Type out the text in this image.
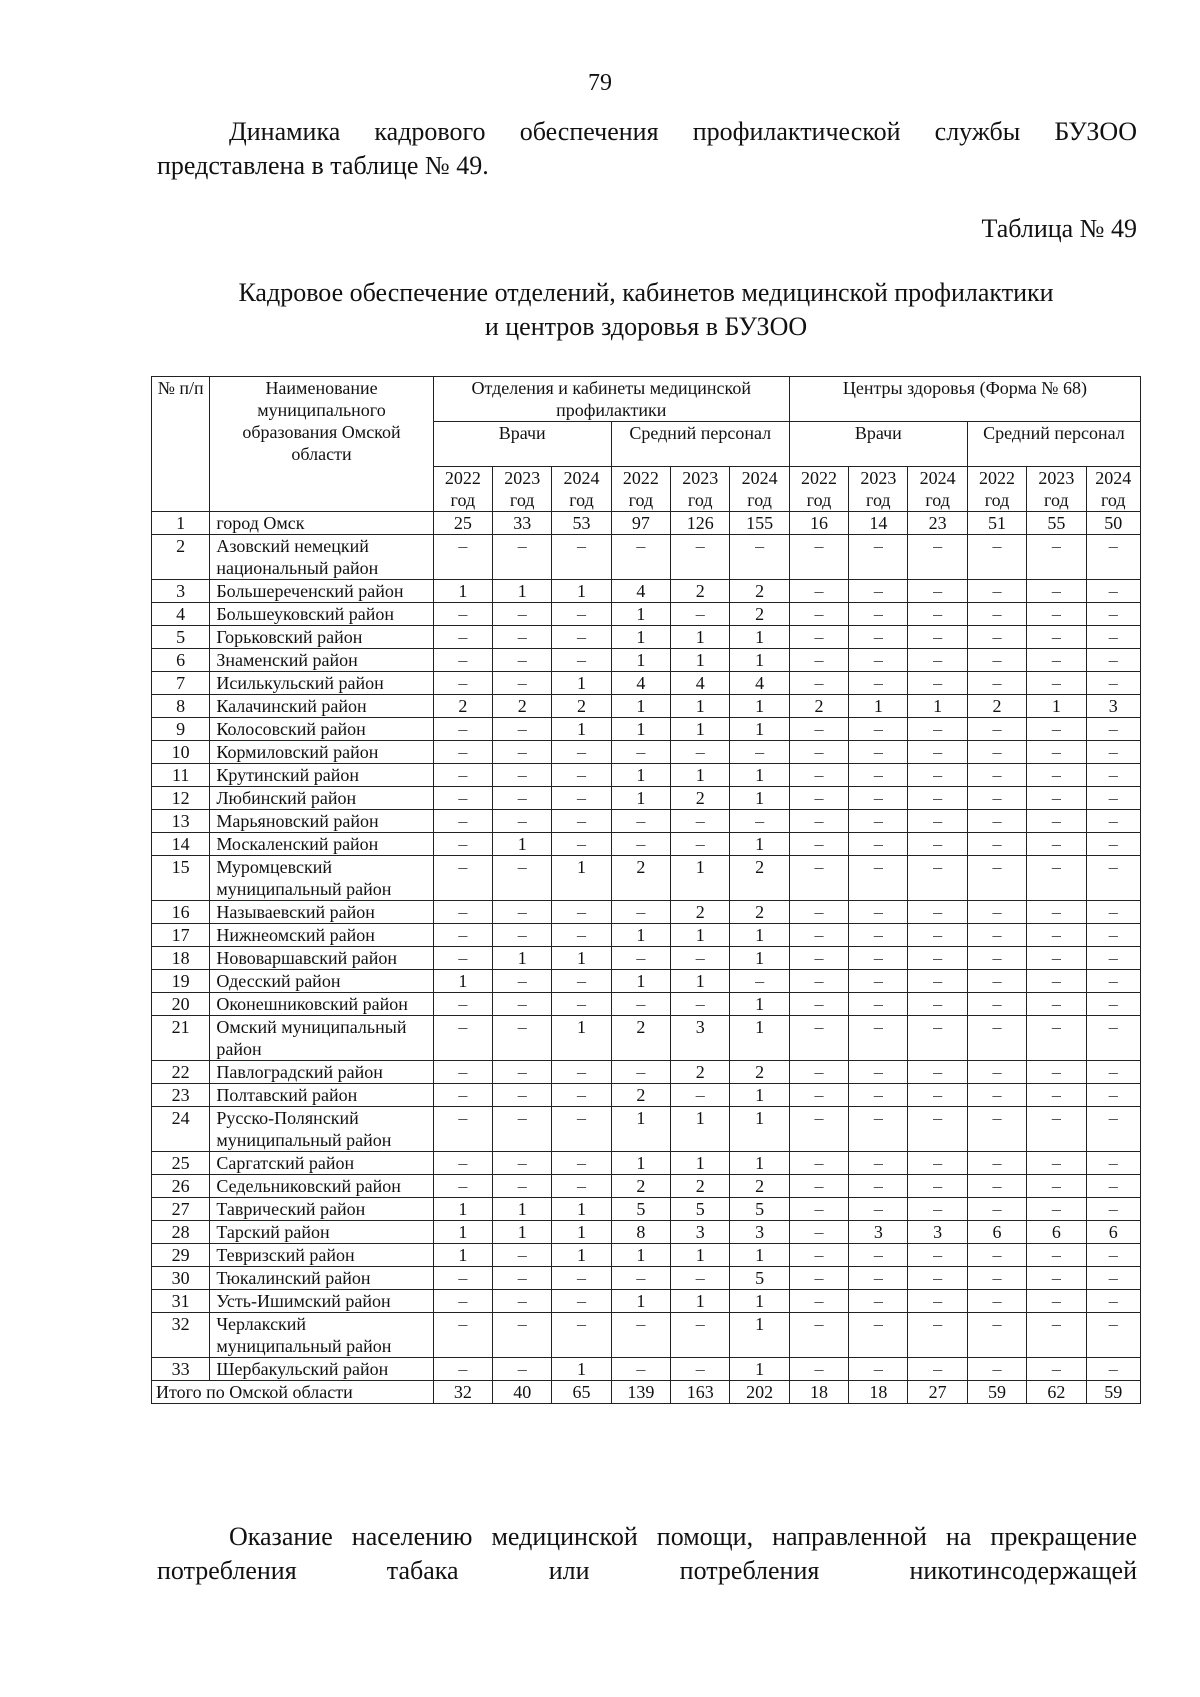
79
Динамика кадрового обеспечения профилактической службы БУЗОО представлена в таблице № 49.
Таблица № 49
Кадровое обеспечение отделений, кабинетов медицинской профилактики
и центров здоровья в БУЗОО
№ п/п	Наименование муниципального образования Омской области	Отделения и кабинеты медицинской профилактики						Центры здоровья (Форма № 68)					
		Врачи			Средний персонал			Врачи			Средний персонал		
		2022 год	2023 год	2024 год	2022 год	2023 год	2024 год	2022 год	2023 год	2024 год	2022 год	2023 год	2024 год
1	город Омск	25	33	53	97	126	155	16	14	23	51	55	50
2	Азовский немецкий национальный район	–	–	–	–	–	–	–	–	–	–	–	–
3	Большереченский район	1	1	1	4	2	2	–	–	–	–	–	–
4	Большеуковский район	–	–	–	1	–	2	–	–	–	–	–	–
5	Горьковский район	–	–	–	1	1	1	–	–	–	–	–	–
6	Знаменский район	–	–	–	1	1	1	–	–	–	–	–	–
7	Исилькульский район	–	–	1	4	4	4	–	–	–	–	–	–
8	Калачинский район	2	2	2	1	1	1	2	1	1	2	1	3
9	Колосовский район	–	–	1	1	1	1	–	–	–	–	–	–
10	Кормиловский район	–	–	–	–	–	–	–	–	–	–	–	–
11	Крутинский район	–	–	–	1	1	1	–	–	–	–	–	–
12	Любинский район	–	–	–	1	2	1	–	–	–	–	–	–
13	Марьяновский район	–	–	–	–	–	–	–	–	–	–	–	–
14	Москаленский район	–	1	–	–	–	1	–	–	–	–	–	–
15	Муромцевский муниципальный район	–	–	1	2	1	2	–	–	–	–	–	–
16	Называевский район	–	–	–	–	2	2	–	–	–	–	–	–
17	Нижнеомский район	–	–	–	1	1	1	–	–	–	–	–	–
18	Нововаршавский район	–	1	1	–	–	1	–	–	–	–	–	–
19	Одесский район	1	–	–	1	1	–	–	–	–	–	–	–
20	Оконешниковский район	–	–	–	–	–	1	–	–	–	–	–	–
21	Омский муниципальный район	–	–	1	2	3	1	–	–	–	–	–	–
22	Павлоградский район	–	–	–	–	2	2	–	–	–	–	–	–
23	Полтавский район	–	–	–	2	–	1	–	–	–	–	–	–
24	Русско-Полянский муниципальный район	–	–	–	1	1	1	–	–	–	–	–	–
25	Саргатский район	–	–	–	1	1	1	–	–	–	–	–	–
26	Седельниковский район	–	–	–	2	2	2	–	–	–	–	–	–
27	Таврический район	1	1	1	5	5	5	–	–	–	–	–	–
28	Тарский район	1	1	1	8	3	3	–	3	3	6	6	6
29	Тевризский район	1	–	1	1	1	1	–	–	–	–	–	–
30	Тюкалинский район	–	–	–	–	–	5	–	–	–	–	–	–
31	Усть-Ишимский район	–	–	–	1	1	1	–	–	–	–	–	–
32	Черлакский муниципальный район	–	–	–	–	–	1	–	–	–	–	–	–
33	Шербакульский район	–	–	1	–	–	1	–	–	–	–	–	–
Итого по Омской области		32	40	65	139	163	202	18	18	27	59	62	59
Оказание населению медицинской помощи, направленной на прекращение потребления табака или потребления никотинсодержащей
